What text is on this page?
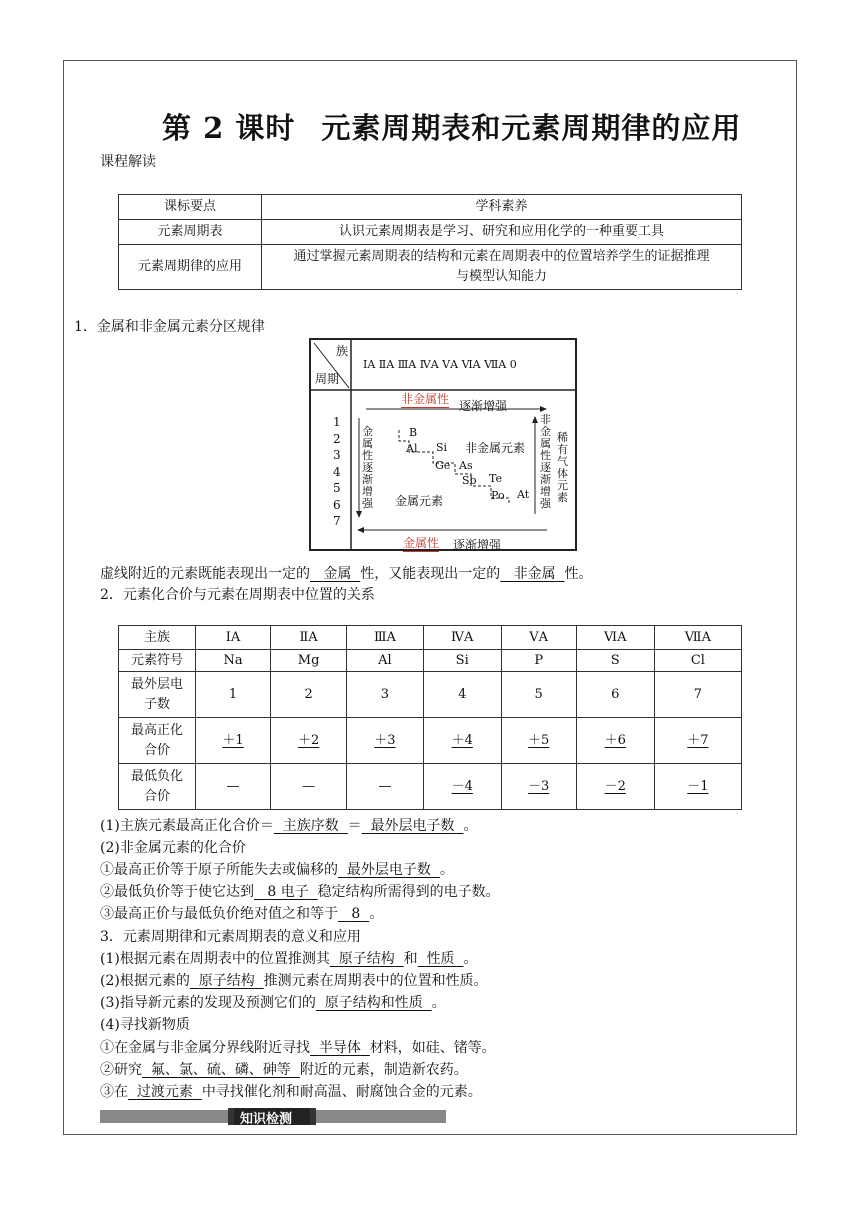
第 2 课时 元素周期表和元素周期律的应用
课程解读
课标要点	学科素养
元素周期表	认识元素周期表是学习、研究和应用化学的一种重要工具
元素周期律的应用	通过掌握元素周期表的结构和元素在周期表中的位置培养学生的证据推理与模型认知能力
1．金属和非金属元素分区规律
族
周期
ⅠA ⅡA ⅢA ⅣA ⅤA ⅥA ⅦA 0
1
2
3
4
5
6
7
非金属性 逐渐增强
金
属
性
逐
渐
增
强
非
金
属
性
逐
渐
增
强
稀
有
气
体
元
素
B
Al Si
Ge As
Sb Te
Po At
非金属元素
金属元素
金属性 逐渐增强
虚线附近的元素既能表现出一定的 金属 性，又能表现出一定的 非金属 性。
2．元素化合价与元素在周期表中位置的关系
主族	ⅠA	ⅡA	ⅢA	ⅣA	ⅤA	ⅥA	ⅦA
元素符号	Na	Mg	Al	Si	P	S	Cl
最外层电
子数	1	2	3	4	5	6	7
最高正化
合价	＋1	＋2	＋3	＋4	＋5	＋6	＋7
最低负化
合价	—	—	—	－4	－3	－2	－1
(1)主族元素最高正化合价＝ 主族序数 ＝ 最外层电子数 。
(2)非金属元素的化合价
①最高正价等于原子所能失去或偏移的 最外层电子数 。
②最低负价等于使它达到 8 电子 稳定结构所需得到的电子数。
③最高正价与最低负价绝对值之和等于 8 。
3．元素周期律和元素周期表的意义和应用
(1)根据元素在周期表中的位置推测其 原子结构 和 性质 。
(2)根据元素的 原子结构 推测元素在周期表中的位置和性质。
(3)指导新元素的发现及预测它们的 原子结构和性质 。
(4)寻找新物质
①在金属与非金属分界线附近寻找 半导体 材料，如硅、锗等。
②研究 氟、氯、硫、磷、砷等 附近的元素，制造新农药。
③在 过渡元素 中寻找催化剂和耐高温、耐腐蚀合金的元素。
知识检测
